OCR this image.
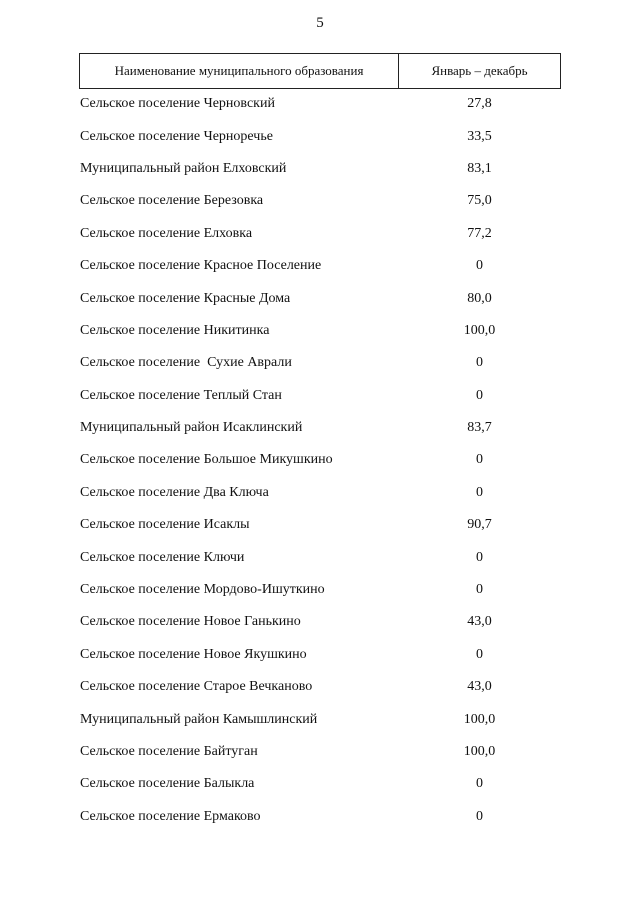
5
Наименование муниципального образования	Январь – декабрь
Сельское поселение Черновский	27,8
Сельское поселение Черноречье	33,5
Муниципальный район Елховский	83,1
Сельское поселение Березовка	75,0
Сельское поселение Елховка	77,2
Сельское поселение Красное Поселение	0
Сельское поселение Красные Дома	80,0
Сельское поселение Никитинка	100,0
Сельское поселение  Сухие Аврали	0
Сельское поселение Теплый Стан	0
Муниципальный район Исаклинский	83,7
Сельское поселение Большое Микушкино	0
Сельское поселение Два Ключа	0
Сельское поселение Исаклы	90,7
Сельское поселение Ключи	0
Сельское поселение Мордово-Ишуткино	0
Сельское поселение Новое Ганькино	43,0
Сельское поселение Новое Якушкино	0
Сельское поселение Старое Вечканово	43,0
Муниципальный район Камышлинский	100,0
Сельское поселение Байтуган	100,0
Сельское поселение Балыкла	0
Сельское поселение Ермаково	0
